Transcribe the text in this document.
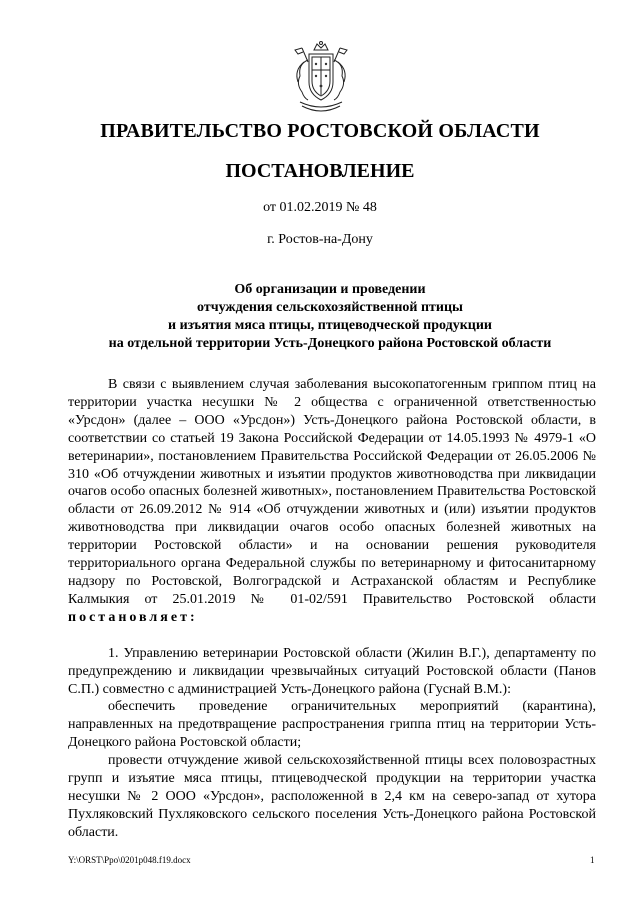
ПРАВИТЕЛЬСТВО РОСТОВСКОЙ ОБЛАСТИ
ПОСТАНОВЛЕНИЕ
от 01.02.2019 № 48
г. Ростов-на-Дону
Об организации и проведении
отчуждения сельскохозяйственной птицы
и изъятия мяса птицы, птицеводческой продукции
на отдельной территории Усть-Донецкого района Ростовской области
В связи с выявлением случая заболевания высокопатогенным гриппом птиц на территории участка несушки № 2 общества с ограниченной ответственностью «Урсдон» (далее – ООО «Урсдон») Усть-Донецкого района Ростовской области, в соответствии со статьей 19 Закона Российской Федерации от 14.05.1993 № 4979-1 «О ветеринарии», постановлением Правительства Российской Федерации от 26.05.2006 № 310 «Об отчуждении животных и изъятии продуктов животноводства при ликвидации очагов особо опасных болезней животных», постановлением Правительства Ростовской области от 26.09.2012 № 914 «Об отчуждении животных и (или) изъятии продуктов животноводства при ликвидации очагов особо опасных болезней животных на территории Ростовской области» и на основании решения руководителя территориального органа Федеральной службы по ветеринарному и фитосанитарному надзору по Ростовской, Волгоградской и Астраханской областям и Республике Калмыкия от 25.01.2019 № 01-02/591 Правительство Ростовской области постановляет:
1. Управлению ветеринарии Ростовской области (Жилин В.Г.), департаменту по предупреждению и ликвидации чрезвычайных ситуаций Ростовской области (Панов С.П.) совместно с администрацией Усть-Донецкого района (Гуснай В.М.):
обеспечить проведение ограничительных мероприятий (карантина), направленных на предотвращение распространения гриппа птиц на территории Усть-Донецкого района Ростовской области;
провести отчуждение живой сельскохозяйственной птицы всех половозрастных групп и изъятие мяса птицы, птицеводческой продукции на территории участка несушки № 2 ООО «Урсдон», расположенной в 2,4 км на северо-запад от хутора Пухляковский Пухляковского сельского поселения Усть-Донецкого района Ростовской области.
Y:\ORST\Ppo\0201p048.f19.docx	1
